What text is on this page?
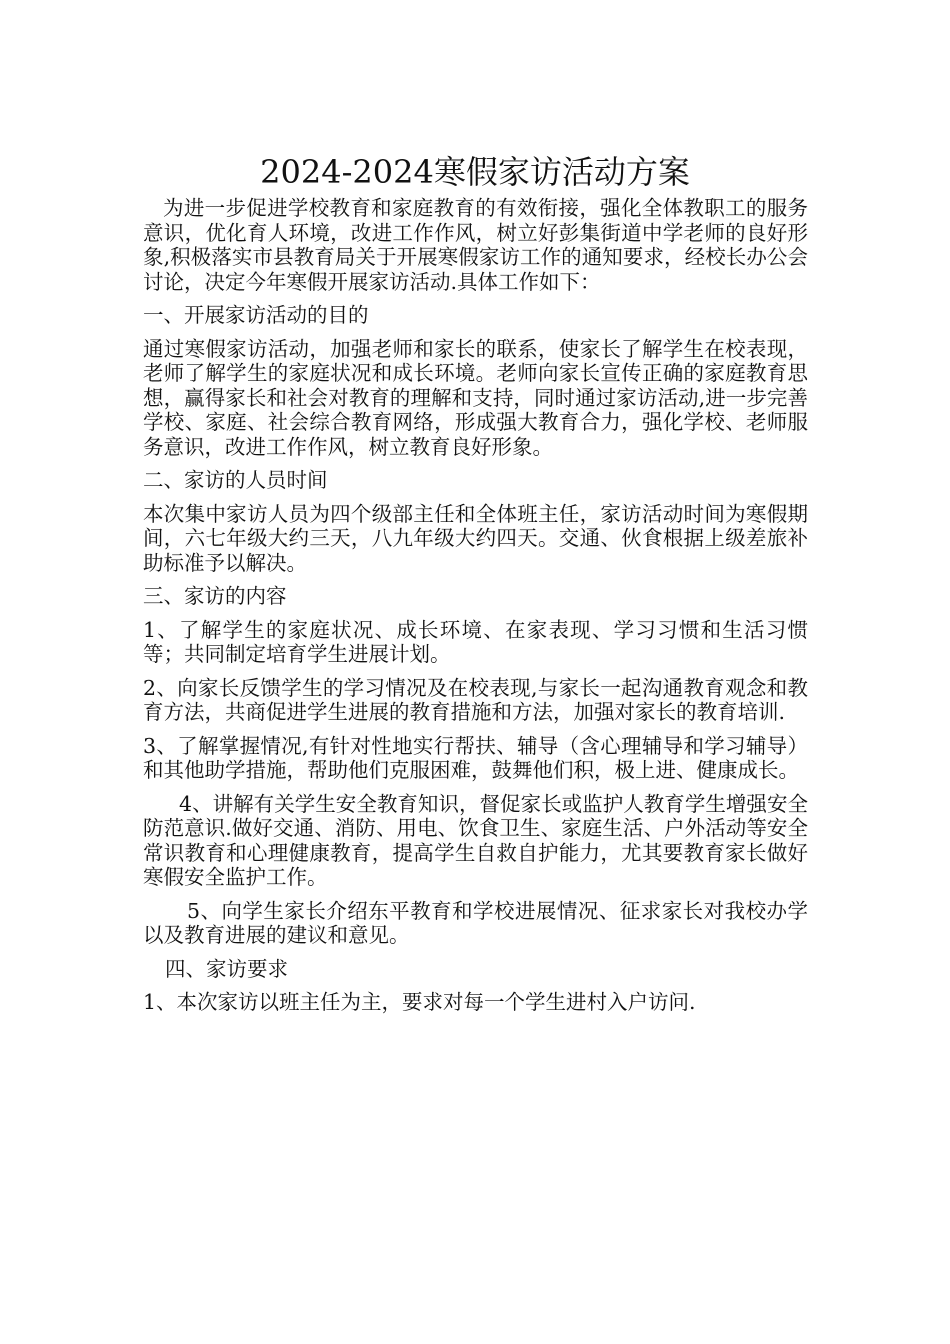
2024-2024寒假家访活动方案

为进一步促进学校教育和家庭教育的有效衔接，强化全体教职工的服务意识，优化育人环境，改进工作作风，树立好彭集街道中学老师的良好形象,积极落实市县教育局关于开展寒假家访工作的通知要求，经校长办公会讨论，决定今年寒假开展家访活动.具体工作如下：

一、开展家访活动的目的

通过寒假家访活动，加强老师和家长的联系，使家长了解学生在校表现，老师了解学生的家庭状况和成长环境。老师向家长宣传正确的家庭教育思想，赢得家长和社会对教育的理解和支持，同时通过家访活动,进一步完善学校、家庭、社会综合教育网络，形成强大教育合力，强化学校、老师服务意识，改进工作作风，树立教育良好形象。

二、家访的人员时间

本次集中家访人员为四个级部主任和全体班主任，家访活动时间为寒假期间，六七年级大约三天，八九年级大约四天。交通、伙食根据上级差旅补助标准予以解决。

三、家访的内容

1、了解学生的家庭状况、成长环境、在家表现、学习习惯和生活习惯等；共同制定培育学生进展计划。

2、向家长反馈学生的学习情况及在校表现,与家长一起沟通教育观念和教育方法，共商促进学生进展的教育措施和方法，加强对家长的教育培训.

3、了解掌握情况,有针对性地实行帮扶、辅导（含心理辅导和学习辅导）和其他助学措施，帮助他们克服困难，鼓舞他们积，极上进、健康成长。

4、讲解有关学生安全教育知识，督促家长或监护人教育学生增强安全防范意识.做好交通、消防、用电、饮食卫生、家庭生活、户外活动等安全常识教育和心理健康教育，提高学生自救自护能力，尤其要教育家长做好寒假安全监护工作。

5、向学生家长介绍东平教育和学校进展情况、征求家长对我校办学以及教育进展的建议和意见。

四、家访要求

1、本次家访以班主任为主，要求对每一个学生进村入户访问.
